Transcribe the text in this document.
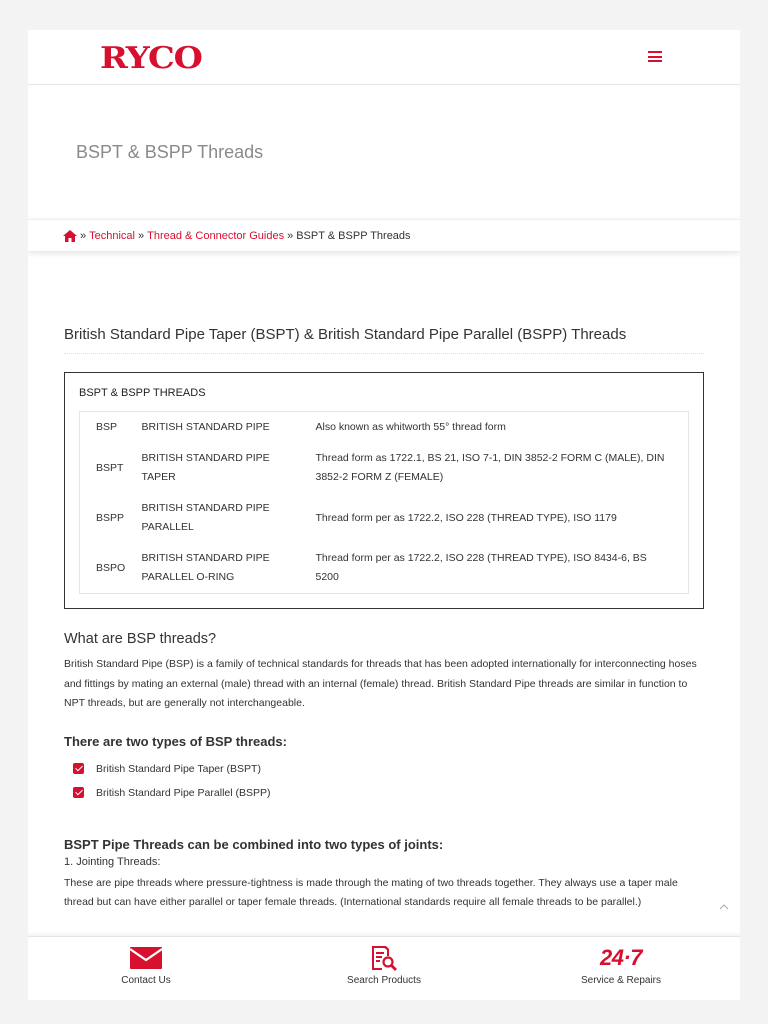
RYCO
BSPT & BSPP Threads
» Technical » Thread & Connector Guides » BSPT & BSPP Threads
British Standard Pipe Taper (BSPT) & British Standard Pipe Parallel (BSPP) Threads
BSPT & BSPP THREADS
BSP	BRITISH STANDARD PIPE	Also known as whitworth 55° thread form
BSPT	BRITISH STANDARD PIPE TAPER	Thread form as 1722.1, BS 21, ISO 7-1, DIN 3852-2 FORM C (MALE), DIN 3852-2 FORM Z (FEMALE)
BSPP	BRITISH STANDARD PIPE PARALLEL	Thread form per as 1722.2, ISO 228 (THREAD TYPE), ISO 1179
BSPO	BRITISH STANDARD PIPE PARALLEL O-RING	Thread form per as 1722.2, ISO 228 (THREAD TYPE), ISO 8434-6, BS 5200
What are BSP threads?

British Standard Pipe (BSP) is a family of technical standards for threads that has been adopted internationally for interconnecting hoses and fittings by mating an external (male) thread with an internal (female) thread. British Standard Pipe threads are similar in function to NPT threads, but are generally not interchangeable.

There are two types of BSP threads:
British Standard Pipe Taper (BSPT)
British Standard Pipe Parallel (BSPP)
BSPT Pipe Threads can be combined into two types of joints:
1. Jointing Threads:

These are pipe threads where pressure-tightness is made through the mating of two threads together. They always use a taper male thread but can have either parallel or taper female threads. (International standards require all female threads to be parallel.)

Contact Us	Search Products
24·7
Service & Repairs
